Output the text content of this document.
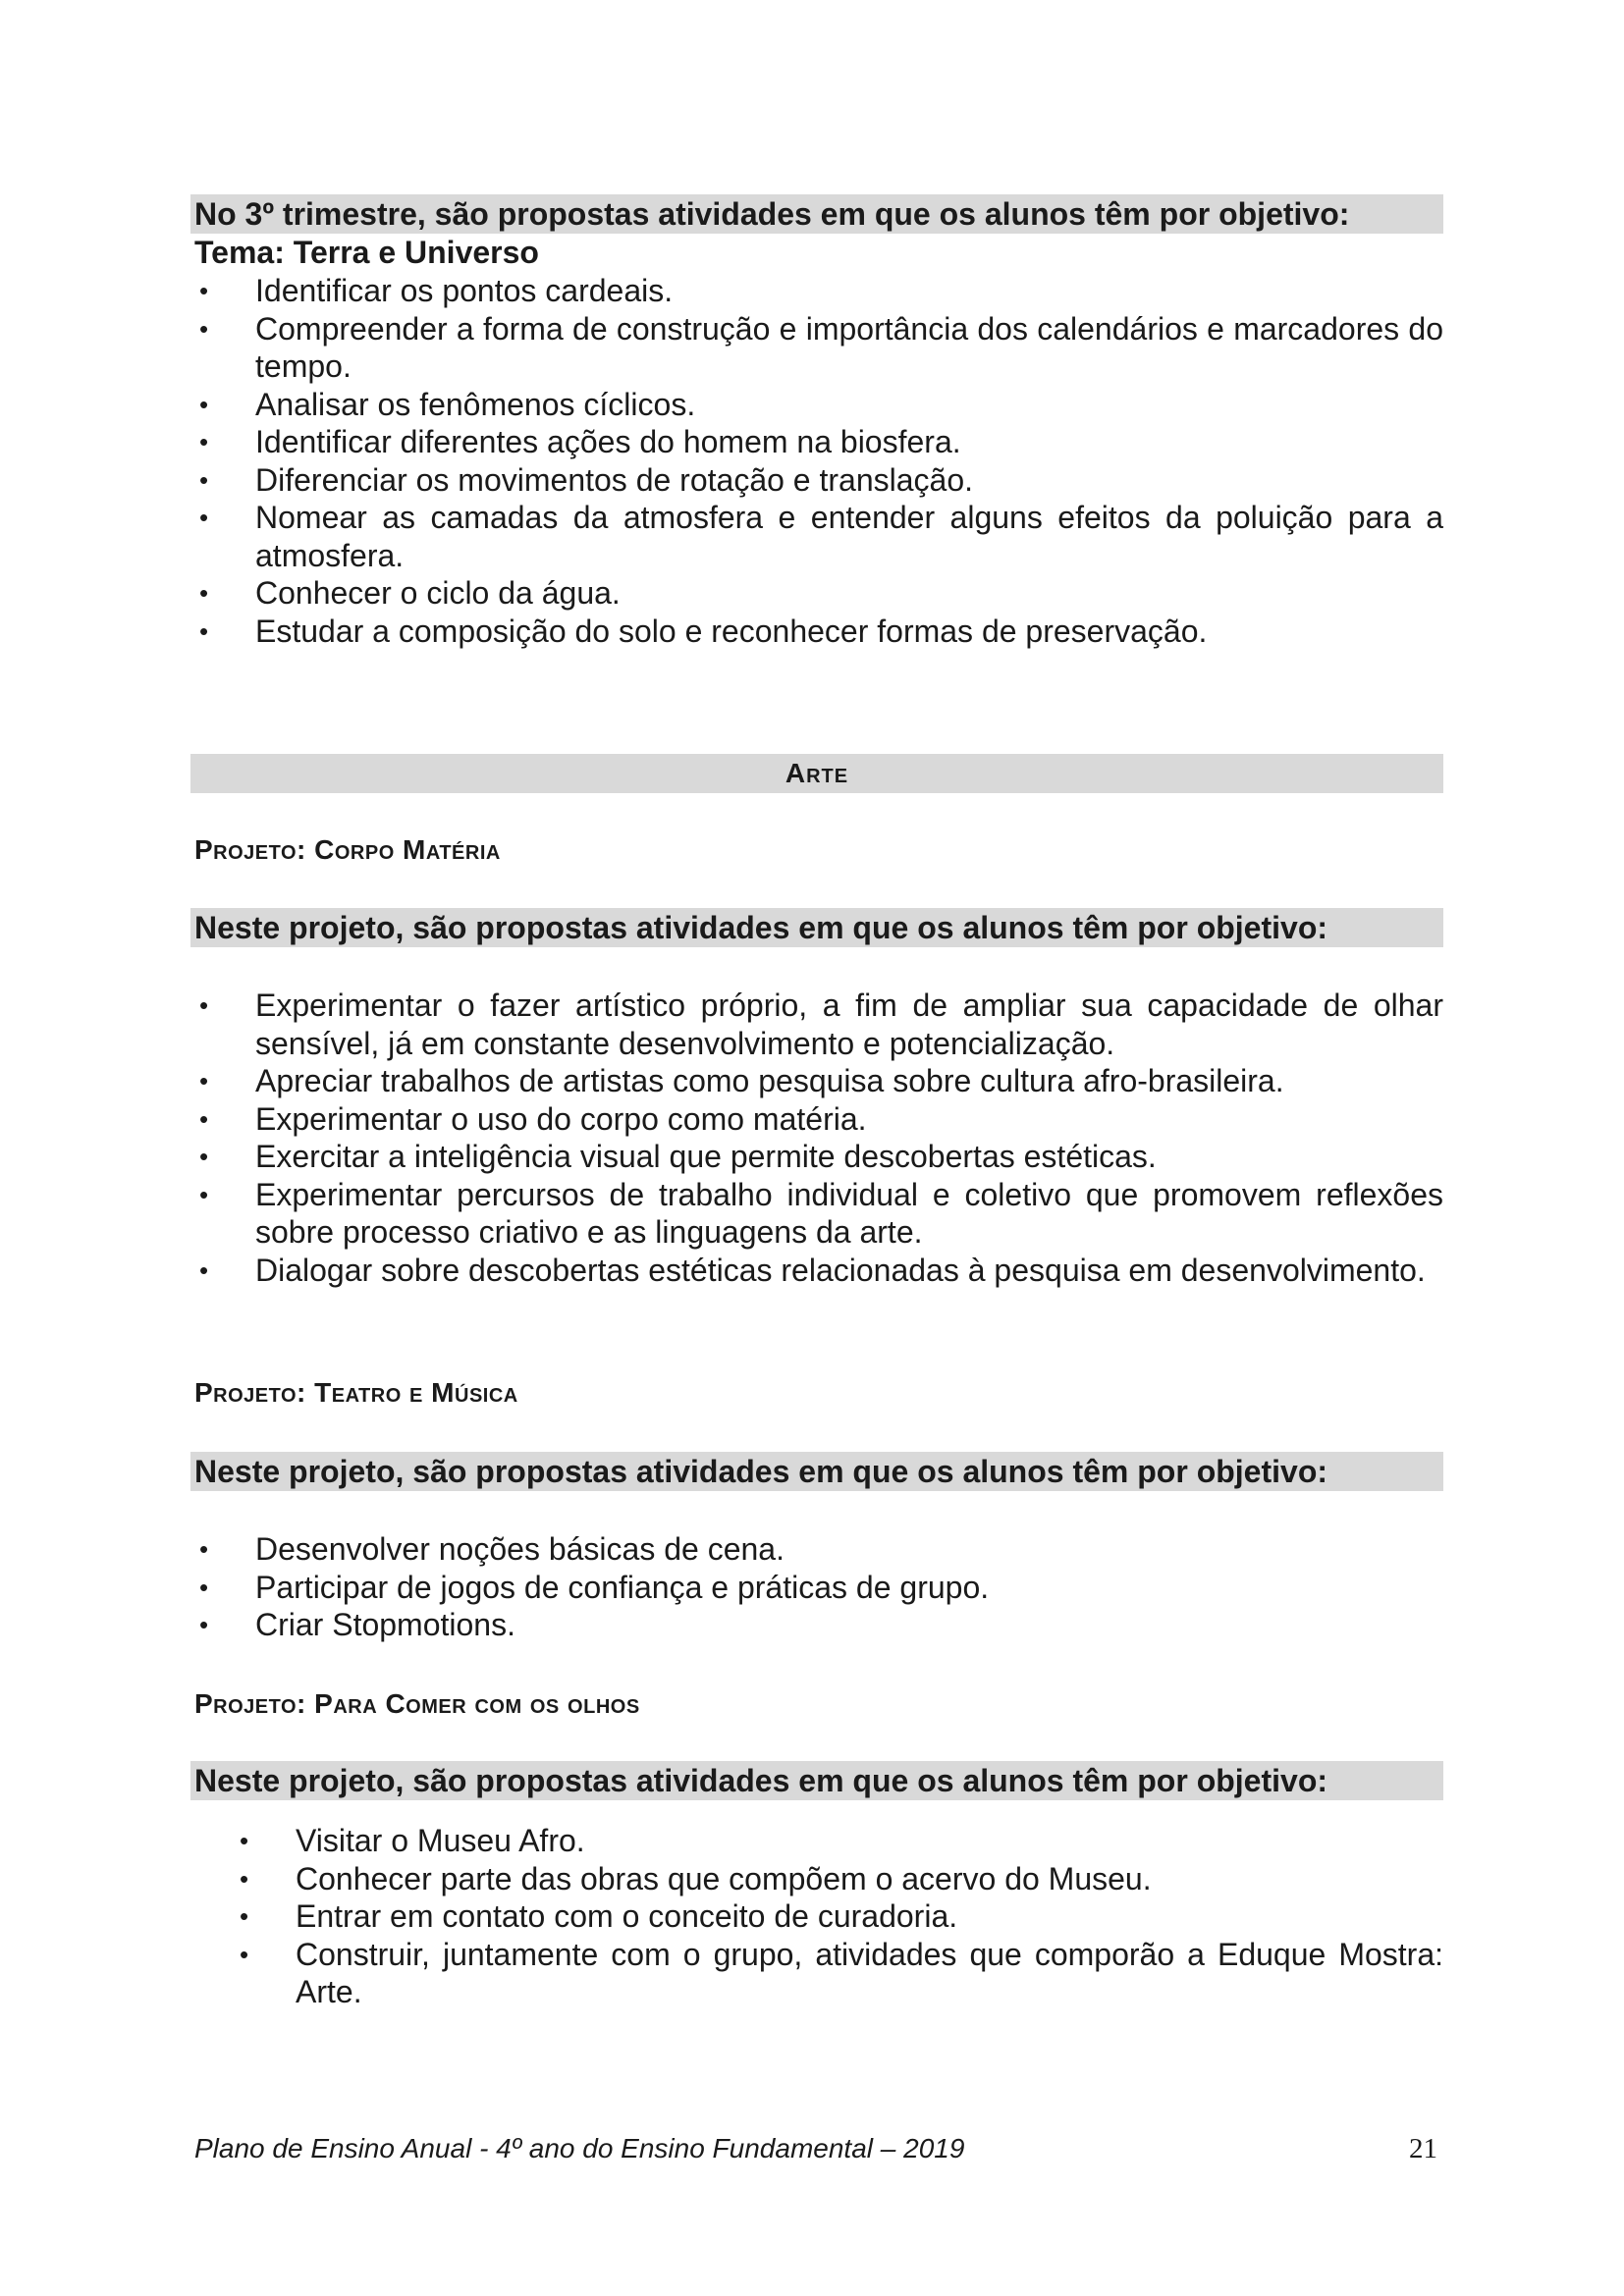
No 3º trimestre, são propostas atividades em que os alunos têm por objetivo:
Tema: Terra e Universo
• Identificar os pontos cardeais.
• Compreender a forma de construção e importância dos calendários e marcadores do tempo.
• Analisar os fenômenos cíclicos.
• Identificar diferentes ações do homem na biosfera.
• Diferenciar os movimentos de rotação e translação.
• Nomear as camadas da atmosfera e entender alguns efeitos da poluição para a atmosfera.
• Conhecer o ciclo da água.
• Estudar a composição do solo e reconhecer formas de preservação.
Arte
Projeto: Corpo Matéria
Neste projeto, são propostas atividades em que os alunos têm por objetivo:
• Experimentar o fazer artístico próprio, a fim de ampliar sua capacidade de olhar sensível, já em constante desenvolvimento e potencialização.
• Apreciar trabalhos de artistas como pesquisa sobre cultura afro-brasileira.
• Experimentar o uso do corpo como matéria.
• Exercitar a inteligência visual que permite descobertas estéticas.
• Experimentar percursos de trabalho individual e coletivo que promovem reflexões sobre processo criativo e as linguagens da arte.
• Dialogar sobre descobertas estéticas relacionadas à pesquisa em desenvolvimento.
Projeto: Teatro e Música
Neste projeto, são propostas atividades em que os alunos têm por objetivo:
• Desenvolver noções básicas de cena.
• Participar de jogos de confiança e práticas de grupo.
• Criar Stopmotions.
Projeto: Para Comer com os olhos
Neste projeto, são propostas atividades em que os alunos têm por objetivo:
• Visitar o Museu Afro.
• Conhecer parte das obras que compõem o acervo do Museu.
• Entrar em contato com o conceito de curadoria.
• Construir, juntamente com o grupo, atividades que comporão a Eduque Mostra: Arte.
Plano de Ensino Anual - 4º ano do Ensino Fundamental – 2019	21
